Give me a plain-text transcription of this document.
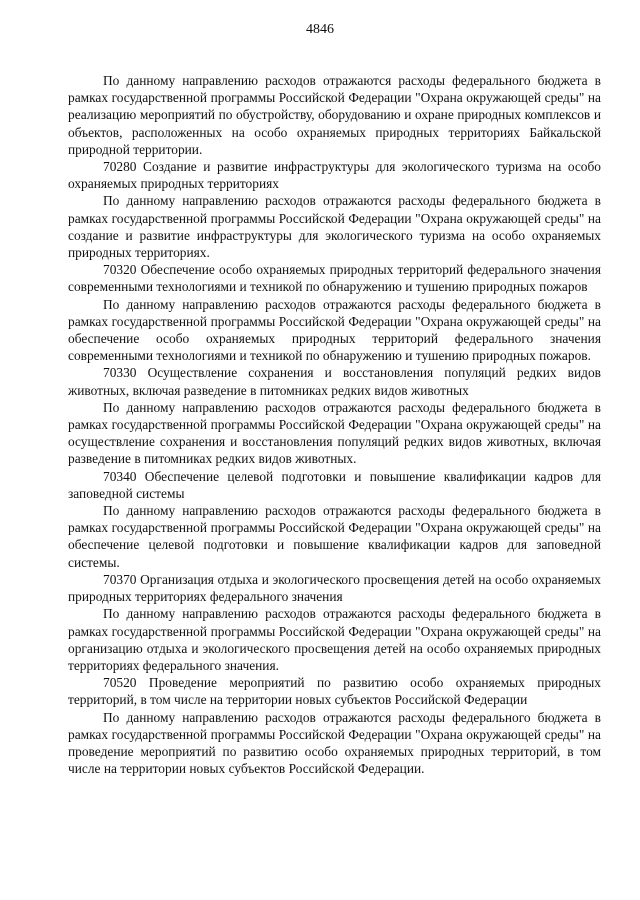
4846

По данному направлению расходов отражаются расходы федерального бюджета в рамках государственной программы Российской Федерации "Охрана окружающей среды" на реализацию мероприятий по обустройству, оборудованию и охране природных комплексов и объектов, расположенных на особо охраняемых природных территориях Байкальской природной территории.

70280 Создание и развитие инфраструктуры для экологического туризма на особо охраняемых природных территориях

По данному направлению расходов отражаются расходы федерального бюджета в рамках государственной программы Российской Федерации "Охрана окружающей среды" на создание и развитие инфраструктуры для экологического туризма на особо охраняемых природных территориях.

70320 Обеспечение особо охраняемых природных территорий федерального значения современными технологиями и техникой по обнаружению и тушению природных пожаров

По данному направлению расходов отражаются расходы федерального бюджета в рамках государственной программы Российской Федерации "Охрана окружающей среды" на обеспечение особо охраняемых природных территорий федерального значения современными технологиями и техникой по обнаружению и тушению природных пожаров.

70330 Осуществление сохранения и восстановления популяций редких видов животных, включая разведение в питомниках редких видов животных

По данному направлению расходов отражаются расходы федерального бюджета в рамках государственной программы Российской Федерации "Охрана окружающей среды" на осуществление сохранения и восстановления популяций редких видов животных, включая разведение в питомниках редких видов животных.

70340 Обеспечение целевой подготовки и повышение квалификации кадров для заповедной системы

По данному направлению расходов отражаются расходы федерального бюджета в рамках государственной программы Российской Федерации "Охрана окружающей среды" на обеспечение целевой подготовки и повышение квалификации кадров для заповедной системы.

70370 Организация отдыха и экологического просвещения детей на особо охраняемых природных территориях федерального значения

По данному направлению расходов отражаются расходы федерального бюджета в рамках государственной программы Российской Федерации "Охрана окружающей среды" на организацию отдыха и экологического просвещения детей на особо охраняемых природных территориях федерального значения.

70520 Проведение мероприятий по развитию особо охраняемых природных территорий, в том числе на территории новых субъектов Российской Федерации

По данному направлению расходов отражаются расходы федерального бюджета в рамках государственной программы Российской Федерации "Охрана окружающей среды" на проведение мероприятий по развитию особо охраняемых природных территорий, в том числе на территории новых субъектов Российской Федерации.
